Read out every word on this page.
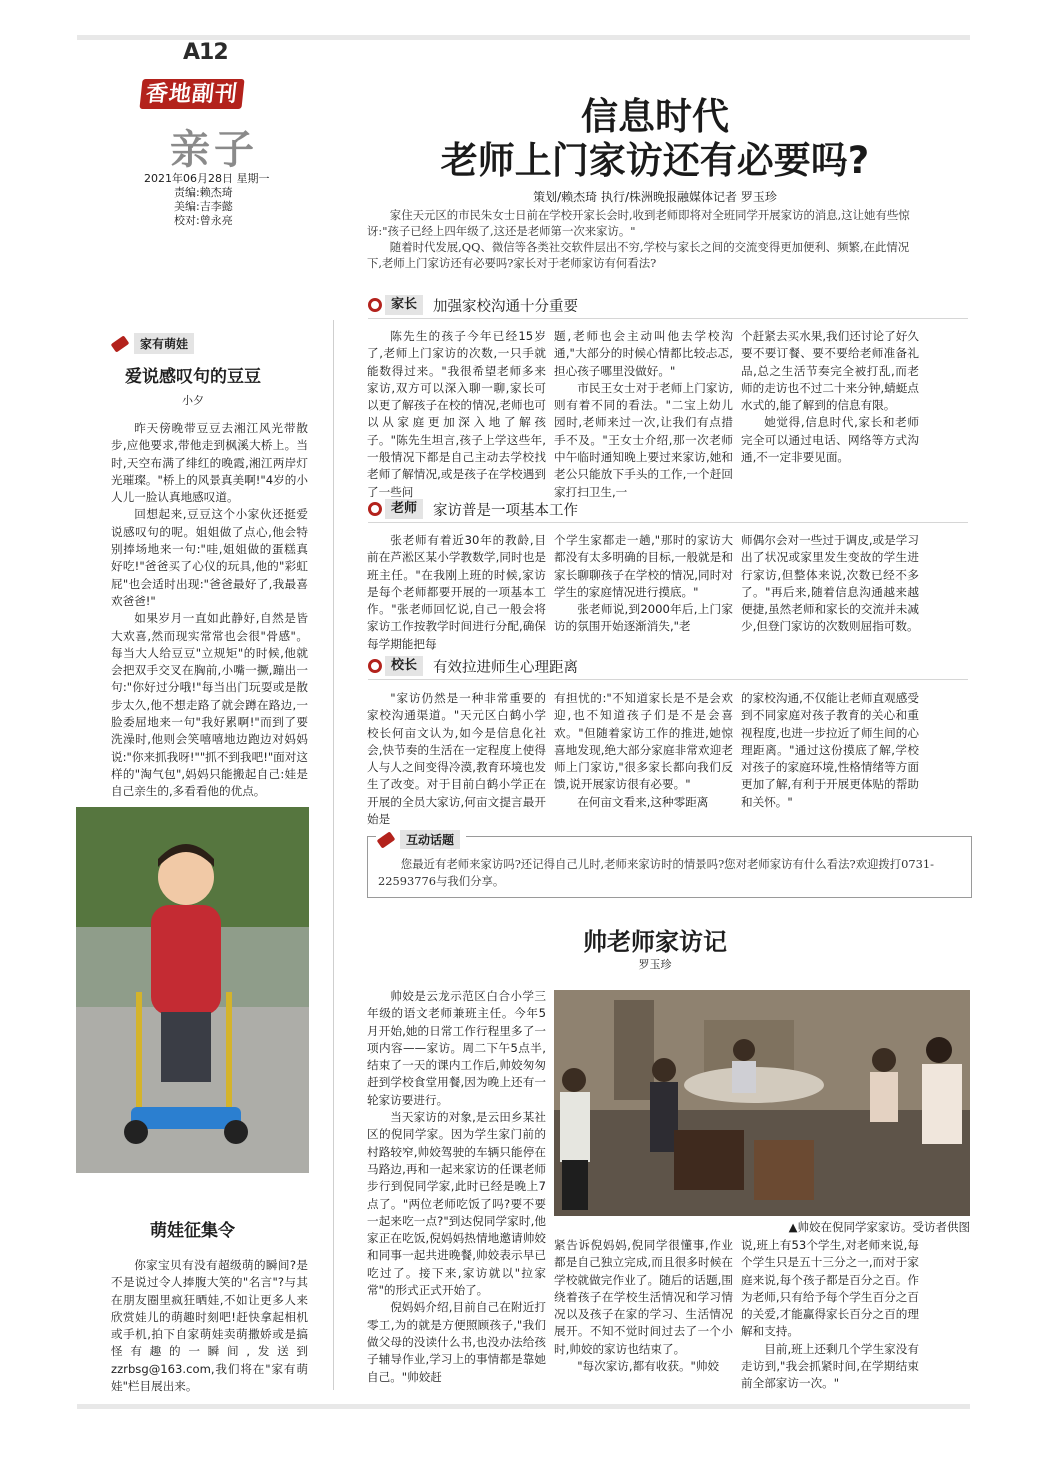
A12
香地副刊
亲子
2021年06月28日 星期一
责编:赖杰琦
美编:吉李懿
校对:曾永亮
信息时代
老师上门家访还有必要吗?
策划/赖杰琦 执行/株洲晚报融媒体记者 罗玉珍

家住天元区的市民朱女士日前在学校开家长会时,收到老师即将对全班同学开展家访的消息,这让她有些惊讶:"孩子已经上四年级了,这还是老师第一次来家访。"

随着时代发展,QQ、微信等各类社交软件层出不穷,学校与家长之间的交流变得更加便利、频繁,在此情况下,老师上门家访还有必要吗?家长对于老师家访有何看法?

家长	加强家校沟通十分重要

陈先生的孩子今年已经15岁了,老师上门家访的次数,一只手就能数得过来。"我很希望老师多来家访,双方可以深入聊一聊,家长可以更了解孩子在校的情况,老师也可以从家庭更加深入地了解孩子。"陈先生坦言,孩子上学这些年,一般情况下都是自己主动去学校找老师了解情况,或是孩子在学校遇到了一些问

题,老师也会主动叫他去学校沟通,"大部分的时候心情都比较忐忑,担心孩子哪里没做好。"

市民王女士对于老师上门家访,则有着不同的看法。"二宝上幼儿园时,老师来过一次,让我们有点措手不及。"王女士介绍,那一次老师中午临时通知晚上要过来家访,她和老公只能放下手头的工作,一个赶回家打扫卫生,一

个赶紧去买水果,我们还讨论了好久要不要订餐、要不要给老师准备礼品,总之生活节奏完全被打乱,而老师的走访也不过二十来分钟,蜻蜓点水式的,能了解到的信息有限。

她觉得,信息时代,家长和老师完全可以通过电话、网络等方式沟通,不一定非要见面。

老师	家访普是一项基本工作

张老师有着近30年的教龄,目前在芦淞区某小学教数学,同时也是班主任。"在我刚上班的时候,家访是每个老师都要开展的一项基本工作。"张老师回忆说,自己一般会将家访工作按教学时间进行分配,确保每学期能把每

个学生家都走一趟,"那时的家访大都没有太多明确的目标,一般就是和家长聊聊孩子在学校的情况,同时对学生的家庭情况进行摸底。"

张老师说,到2000年后,上门家访的氛围开始逐渐消失,"老

师偶尔会对一些过于调皮,或是学习出了状况或家里发生变故的学生进行家访,但整体来说,次数已经不多了。"再后来,随着信息沟通越来越便捷,虽然老师和家长的交流并未减少,但登门家访的次数则屈指可数。

校长	有效拉进师生心理距离

"家访仍然是一种非常重要的家校沟通渠道。"天元区白鹤小学校长何亩文认为,如今是信息化社会,快节奏的生活在一定程度上使得人与人之间变得冷漠,教育环境也发生了改变。对于目前白鹤小学正在开展的全员大家访,何亩文提言最开始是

有担忧的:"不知道家长是不是会欢迎,也不知道孩子们是不是会喜欢。"但随着家访工作的推进,她惊喜地发现,绝大部分家庭非常欢迎老师上门家访,"很多家长都向我们反馈,说开展家访很有必要。"

在何亩文看来,这种零距离

的家校沟通,不仅能让老师直观感受到不同家庭对孩子教育的关心和重视程度,也进一步拉近了师生间的心理距离。"通过这份摸底了解,学校对孩子的家庭环境,性格情绪等方面更加了解,有利于开展更体贴的帮助和关怀。"

互动话题
您最近有老师来家访吗?还记得自己儿时,老师来家访时的情景吗?您对老师家访有什么看法?欢迎拨打0731-22593776与我们分享。
帅老师家访记
罗玉珍

帅姣是云龙示范区白合小学三年级的语文老师兼班主任。今年5月开始,她的日常工作行程里多了一项内容——家访。周二下午5点半,结束了一天的课内工作后,帅姣匆匆赶到学校食堂用餐,因为晚上还有一轮家访要进行。

当天家访的对象,是云田乡某社区的倪同学家。因为学生家门前的村路较窄,帅姣驾驶的车辆只能停在马路边,再和一起来家访的任课老师步行到倪同学家,此时已经是晚上7点了。"两位老师吃饭了吗?要不要一起来吃一点?"到达倪同学家时,他家正在吃饭,倪妈妈热情地邀请帅姣和同事一起共进晚餐,帅姣表示早已吃过了。接下来,家访就以"拉家常"的形式正式开始了。

倪妈妈介绍,目前自己在附近打零工,为的就是方便照顾孩子,"我们做父母的没读什么书,也没办法给孩子辅导作业,学习上的事情都是靠她自己。"帅姣赶

紧告诉倪妈妈,倪同学很懂事,作业都是自己独立完成,而且很多时候在学校就做完作业了。随后的话题,围绕着孩子在学校生活情况和学习情况以及孩子在家的学习、生活情况展开。不知不觉时间过去了一个小时,帅姣的家访也结束了。

"每次家访,都有收获。"帅姣

说,班上有53个学生,对老师来说,每个学生只是五十三分之一,而对于家庭来说,每个孩子都是百分之百。作为老师,只有给予每个学生百分之百的关爱,才能赢得家长百分之百的理解和支持。

目前,班上还剩几个学生家没有走访到,"我会抓紧时间,在学期结束前全部家访一次。"

▲帅姣在倪同学家家访。受访者供图
家有萌娃
爱说感叹句的豆豆
小夕

昨天傍晚带豆豆去湘江风光带散步,应他要求,带他走到枫溪大桥上。当时,天空布满了绯红的晚霞,湘江两岸灯光璀璨。"桥上的风景真美啊!"4岁的小人儿一脸认真地感叹道。

回想起来,豆豆这个小家伙还挺爱说感叹句的呢。姐姐做了点心,他会特别捧场地来一句:"哇,姐姐做的蛋糕真好吃!"爸爸买了心仪的玩具,他的"彩虹屁"也会适时出现:"爸爸最好了,我最喜欢爸爸!"

如果岁月一直如此静好,自然是皆大欢喜,然而现实常常也会很"骨感"。每当大人给豆豆"立规矩"的时候,他就会把双手交叉在胸前,小嘴一撅,蹦出一句:"你好过分哦!"每当出门玩耍或是散步太久,他不想走路了就会蹲在路边,一脸委屈地来一句"我好累啊!"而到了要洗澡时,他则会笑嘻嘻地边跑边对妈妈说:"你来抓我呀!""抓不到我吧!"面对这样的"淘气包",妈妈只能搬起自己:娃是自己亲生的,多看看他的优点。

萌娃征集令

你家宝贝有没有超级萌的瞬间?是不是说过令人捧腹大笑的"名言"?与其在朋友圈里疯狂晒娃,不如让更多人来欣赏娃儿的萌趣时刻吧!赶快拿起相机或手机,拍下自家萌娃卖萌撒娇或是搞怪有趣的一瞬间,发送到zzrbsg@163.com,我们将在"家有萌娃"栏目展出来。
